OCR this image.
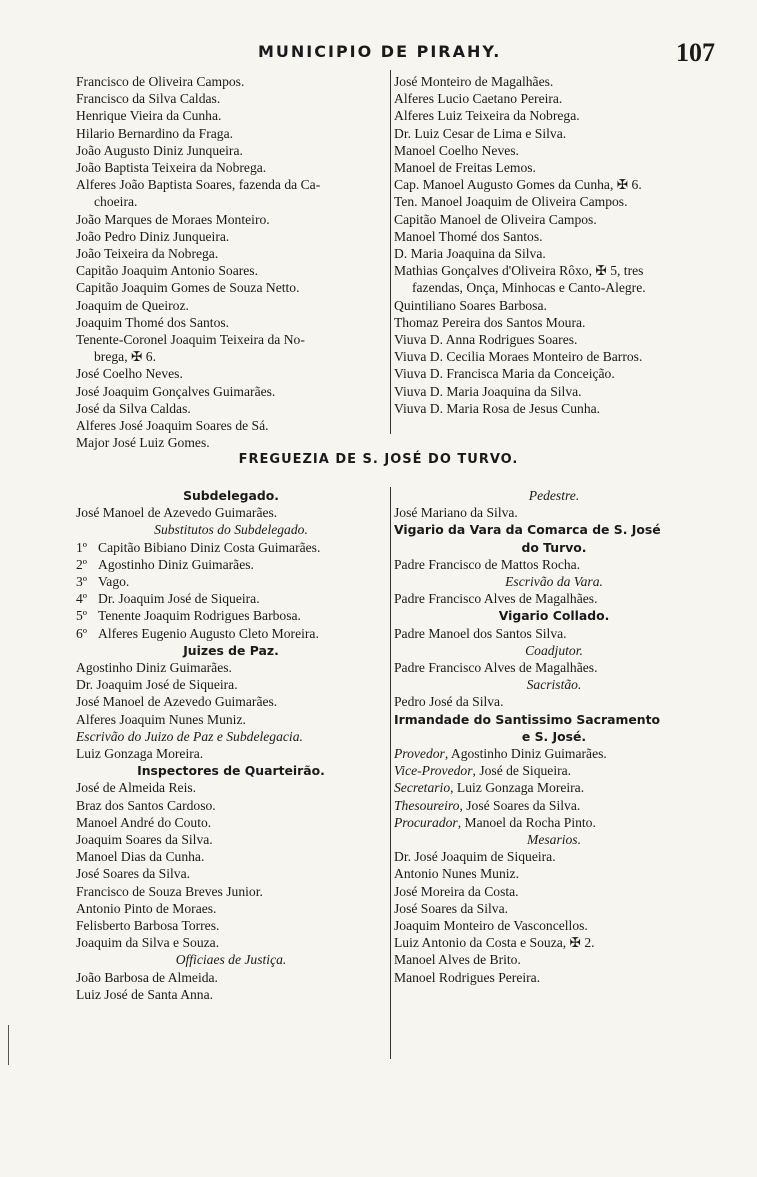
MUNICIPIO DE PIRAHY.	107
Francisco de Oliveira Campos.
Francisco da Silva Caldas.
Henrique Vieira da Cunha.
Hilario Bernardino da Fraga.
João Augusto Diniz Junqueira.
João Baptista Teixeira da Nobrega.
Alferes João Baptista Soares, fazenda da Ca-
choeira.
João Marques de Moraes Monteiro.
João Pedro Diniz Junqueira.
João Teixeira da Nobrega.
Capitão Joaquim Antonio Soares.
Capitão Joaquim Gomes de Souza Netto.
Joaquim de Queiroz.
Joaquim Thomé dos Santos.
Tenente-Coronel Joaquim Teixeira da No-
brega, ✠ 6.
José Coelho Neves.
José Joaquim Gonçalves Guimarães.
José da Silva Caldas.
Alferes José Joaquim Soares de Sá.
Major José Luiz Gomes.
José Monteiro de Magalhães.
Alferes Lucio Caetano Pereira.
Alferes Luiz Teixeira da Nobrega.
Dr. Luiz Cesar de Lima e Silva.
Manoel Coelho Neves.
Manoel de Freitas Lemos.
Cap. Manoel Augusto Gomes da Cunha, ✠ 6.
Ten. Manoel Joaquim de Oliveira Campos.
Capitão Manoel de Oliveira Campos.
Manoel Thomé dos Santos.
D. Maria Joaquina da Silva.
Mathias Gonçalves d'Oliveira Rôxo, ✠ 5, tres
fazendas, Onça, Minhocas e Canto-Alegre.
Quintiliano Soares Barbosa.
Thomaz Pereira dos Santos Moura.
Viuva D. Anna Rodrigues Soares.
Viuva D. Cecilia Moraes Monteiro de Barros.
Viuva D. Francisca Maria da Conceição.
Viuva D. Maria Joaquina da Silva.
Viuva D. Maria Rosa de Jesus Cunha.
FREGUEZIA DE S. JOSÉ DO TURVO.
Subdelegado.
José Manoel de Azevedo Guimarães.
Substitutos do Subdelegado.
1º Capitão Bibiano Diniz Costa Guimarães.
2º Agostinho Diniz Guimarães.
3º Vago.
4º Dr. Joaquim José de Siqueira.
5º Tenente Joaquim Rodrigues Barbosa.
6º Alferes Eugenio Augusto Cleto Moreira.
Juizes de Paz.
Agostinho Diniz Guimarães.
Dr. Joaquim José de Siqueira.
José Manoel de Azevedo Guimarães.
Alferes Joaquim Nunes Muniz.
Escrivão do Juizo de Paz e Subdelegacia.
Luiz Gonzaga Moreira.
Inspectores de Quarteirão.
José de Almeida Reis.
Braz dos Santos Cardoso.
Manoel André do Couto.
Joaquim Soares da Silva.
Manoel Dias da Cunha.
José Soares da Silva.
Francisco de Souza Breves Junior.
Antonio Pinto de Moraes.
Felisberto Barbosa Torres.
Joaquim da Silva e Souza.
Officiaes de Justiça.
João Barbosa de Almeida.
Luiz José de Santa Anna.
Pedestre.
José Mariano da Silva.
Vigario da Vara da Comarca de S. José
do Turvo.
Padre Francisco de Mattos Rocha.
Escrivão da Vara.
Padre Francisco Alves de Magalhães.
Vigario Collado.
Padre Manoel dos Santos Silva.
Coadjutor.
Padre Francisco Alves de Magalhães.
Sacristão.
Pedro José da Silva.
Irmandade do Santissimo Sacramento
e S. José.
Provedor, Agostinho Diniz Guimarães.
Vice-Provedor, José de Siqueira.
Secretario, Luiz Gonzaga Moreira.
Thesoureiro, José Soares da Silva.
Procurador, Manoel da Rocha Pinto.
Mesarios.
Dr. José Joaquim de Siqueira.
Antonio Nunes Muniz.
José Moreira da Costa.
José Soares da Silva.
Joaquim Monteiro de Vasconcellos.
Luiz Antonio da Costa e Souza, ✠ 2.
Manoel Alves de Brito.
Manoel Rodrigues Pereira.
